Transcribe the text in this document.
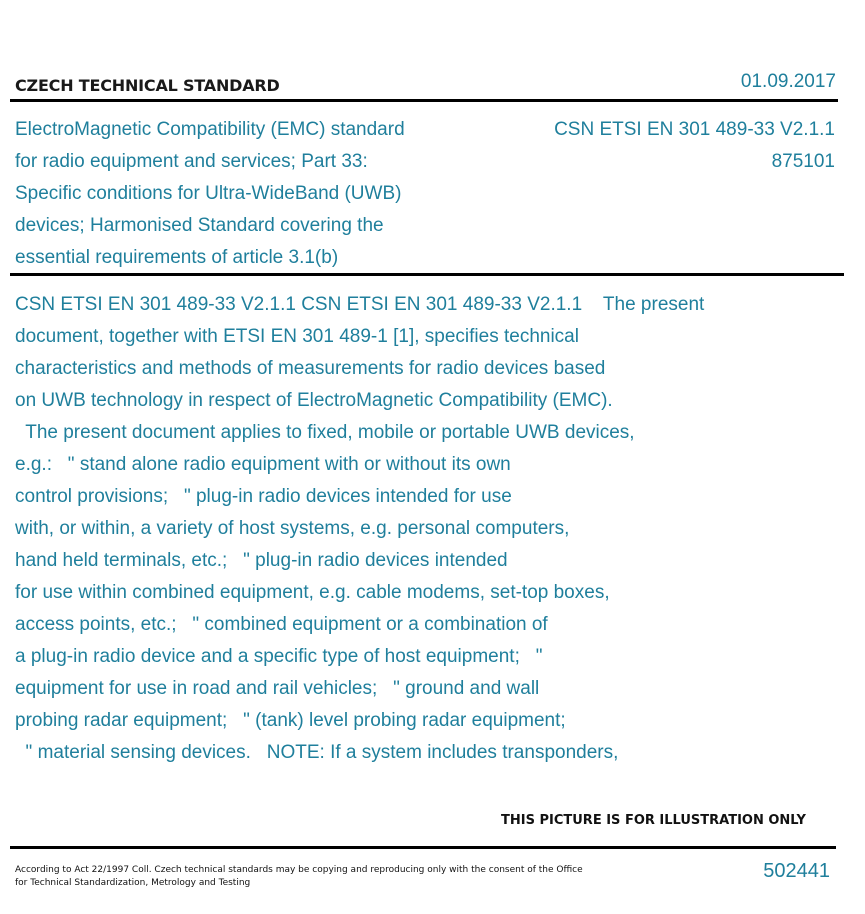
CZECH TECHNICAL STANDARD	01.09.2017
ElectroMagnetic Compatibility (EMC) standard
for radio equipment and services; Part 33:
Specific conditions for Ultra-WideBand (UWB)
devices; Harmonised Standard covering the
essential requirements of article 3.1(b)
CSN ETSI EN 301 489-33 V2.1.1
875101
CSN ETSI EN 301 489-33 V2.1.1 CSN ETSI EN 301 489-33 V2.1.1    The present
document, together with ETSI EN 301 489-1 [1], specifies technical
characteristics and methods of measurements for radio devices based
on UWB technology in respect of ElectroMagnetic Compatibility (EMC).
The present document applies to fixed, mobile or portable UWB devices,
e.g.:   " stand alone radio equipment with or without its own
control provisions;   " plug-in radio devices intended for use
with, or within, a variety of host systems, e.g. personal computers,
hand held terminals, etc.;   " plug-in radio devices intended
for use within combined equipment, e.g. cable modems, set-top boxes,
access points, etc.;   " combined equipment or a combination of
a plug-in radio device and a specific type of host equipment;   "
equipment for use in road and rail vehicles;   " ground and wall
probing radar equipment;   " (tank) level probing radar equipment;
" material sensing devices.   NOTE: If a system includes transponders,
THIS PICTURE IS FOR ILLUSTRATION ONLY
According to Act 22/1997 Coll. Czech technical standards may be copying and reproducing only with the consent of the Office
for Technical Standardization, Metrology and Testing
502441
